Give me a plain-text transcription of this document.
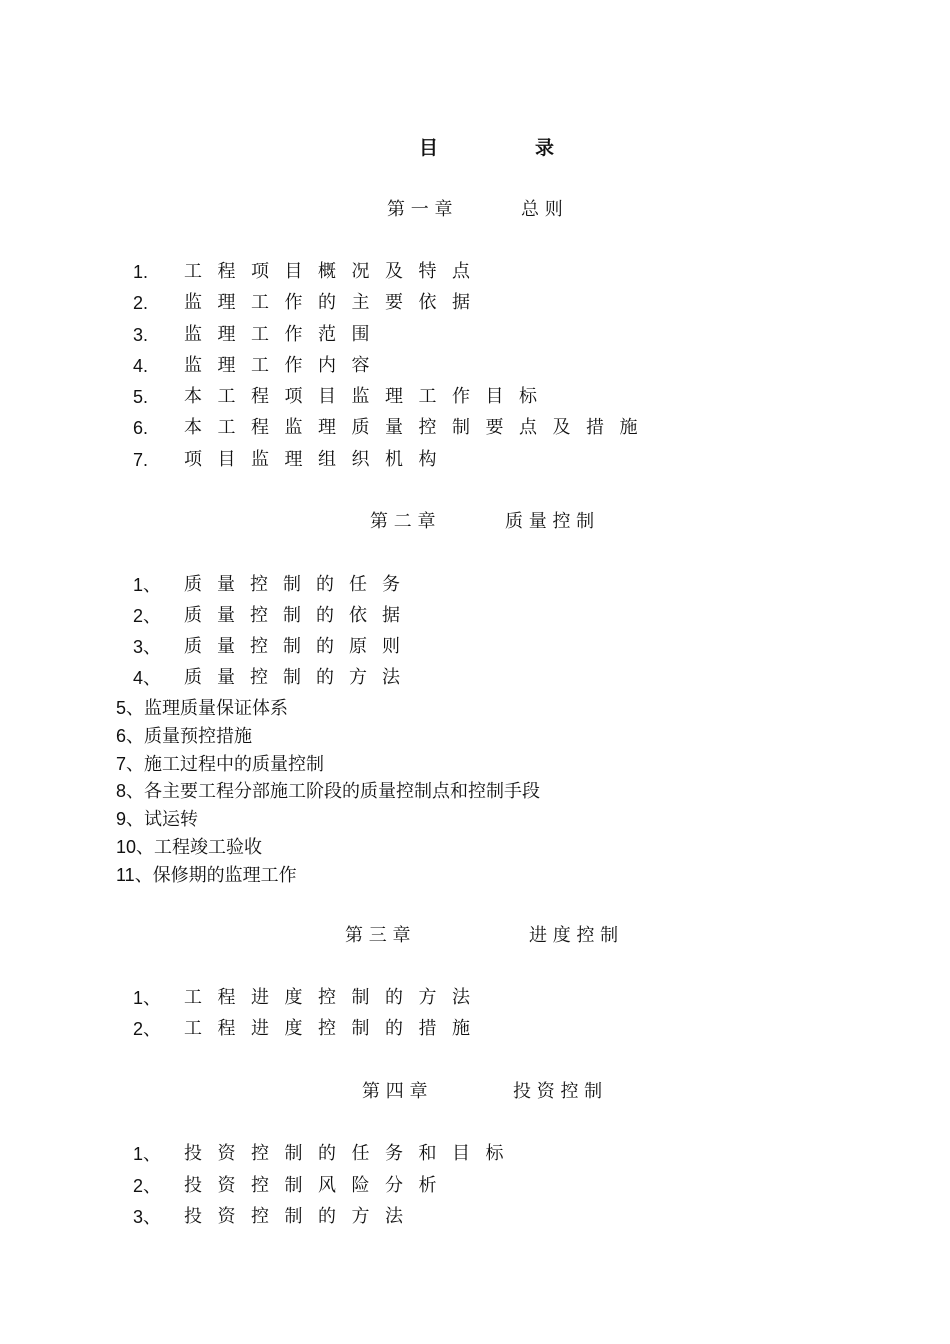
目	录
第 一 章	总 则
1. 工程项目概况及特点
2. 监理工作的主要依据
3. 监理工作范围
4. 监理工作内容
5. 本工程项目监理工作目标
6. 本工程监理质量控制要点及措施
7. 项目监理组织机构
第 二 章	质 量 控 制
1、 质量控制的任务
2、 质量控制的依据
3、 质量控制的原则
4、 质量控制的方法
5、监理质量保证体系
6、质量预控措施
7、施工过程中的质量控制
8、各主要工程分部施工阶段的质量控制点和控制手段
9、试运转
10、工程竣工验收
11、保修期的监理工作
第 三 章	进 度 控 制
1、 工程进度控制的方法
2、 工程进度控制的措施
第 四 章	投 资 控 制
1、 投资控制的任务和目标
2、 投资控制风险分析
3、 投资控制的方法
